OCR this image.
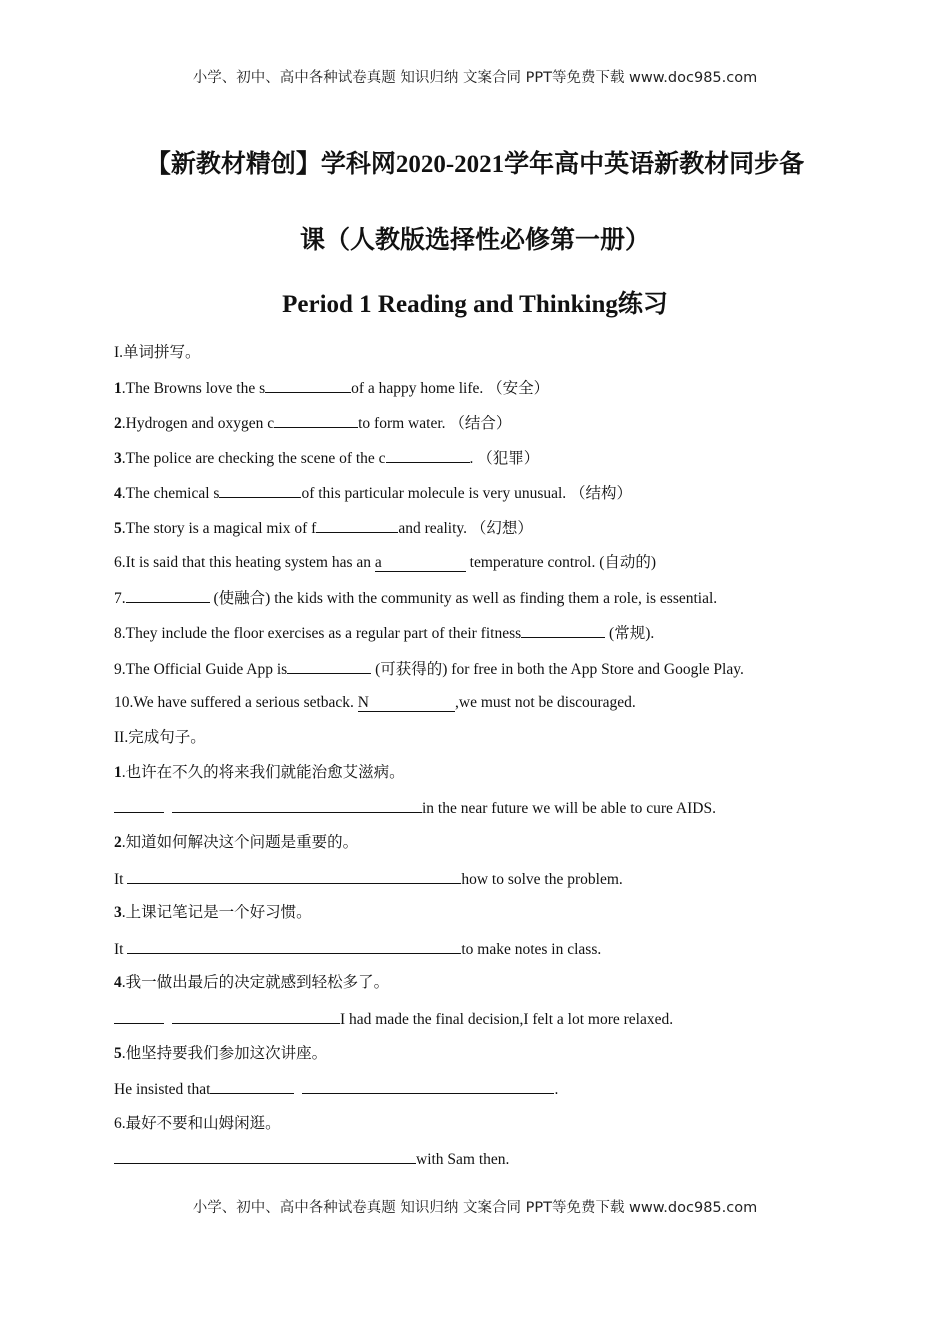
小学、初中、高中各种试卷真题 知识归纳 文案合同 PPT等免费下载 www.doc985.com
【新教材精创】学科网2020-2021学年高中英语新教材同步备
课（人教版选择性必修第一册）
Period 1 Reading and Thinking练习
I.单词拼写。
1.The Browns love the s	of a happy home life. （安全）
2.Hydrogen and oxygen c	to form water. （结合）
3.The police are checking the scene of the c	. （犯罪）
4.The chemical s	of this particular molecule is very unusual. （结构）
5.The story is a magical mix of f	and reality. （幻想）
6.It is said that this heating system has an a	temperature control. (自动的)
7.	(使融合) the kids with the community as well as finding them a role, is essential.
8.They include the floor exercises as a regular part of their fitness	(常规).
9.The Official Guide App is	(可获得的) for free in both the App Store and Google Play.
10.We have suffered a serious setback. N	,we must not be discouraged.
II.完成句子。
1.也许在不久的将来我们就能治愈艾滋病。
in the near future we will be able to cure AIDS.
2.知道如何解决这个问题是重要的。
It	how to solve the problem.
3.上课记笔记是一个好习惯。
It	to make notes in class.
4.我一做出最后的决定就感到轻松多了。
I had made the final decision,I felt a lot more relaxed.
5.他坚持要我们参加这次讲座。
He insisted that	.
6.最好不要和山姆闲逛。
with Sam then.
小学、初中、高中各种试卷真题 知识归纳 文案合同 PPT等免费下载 www.doc985.com
